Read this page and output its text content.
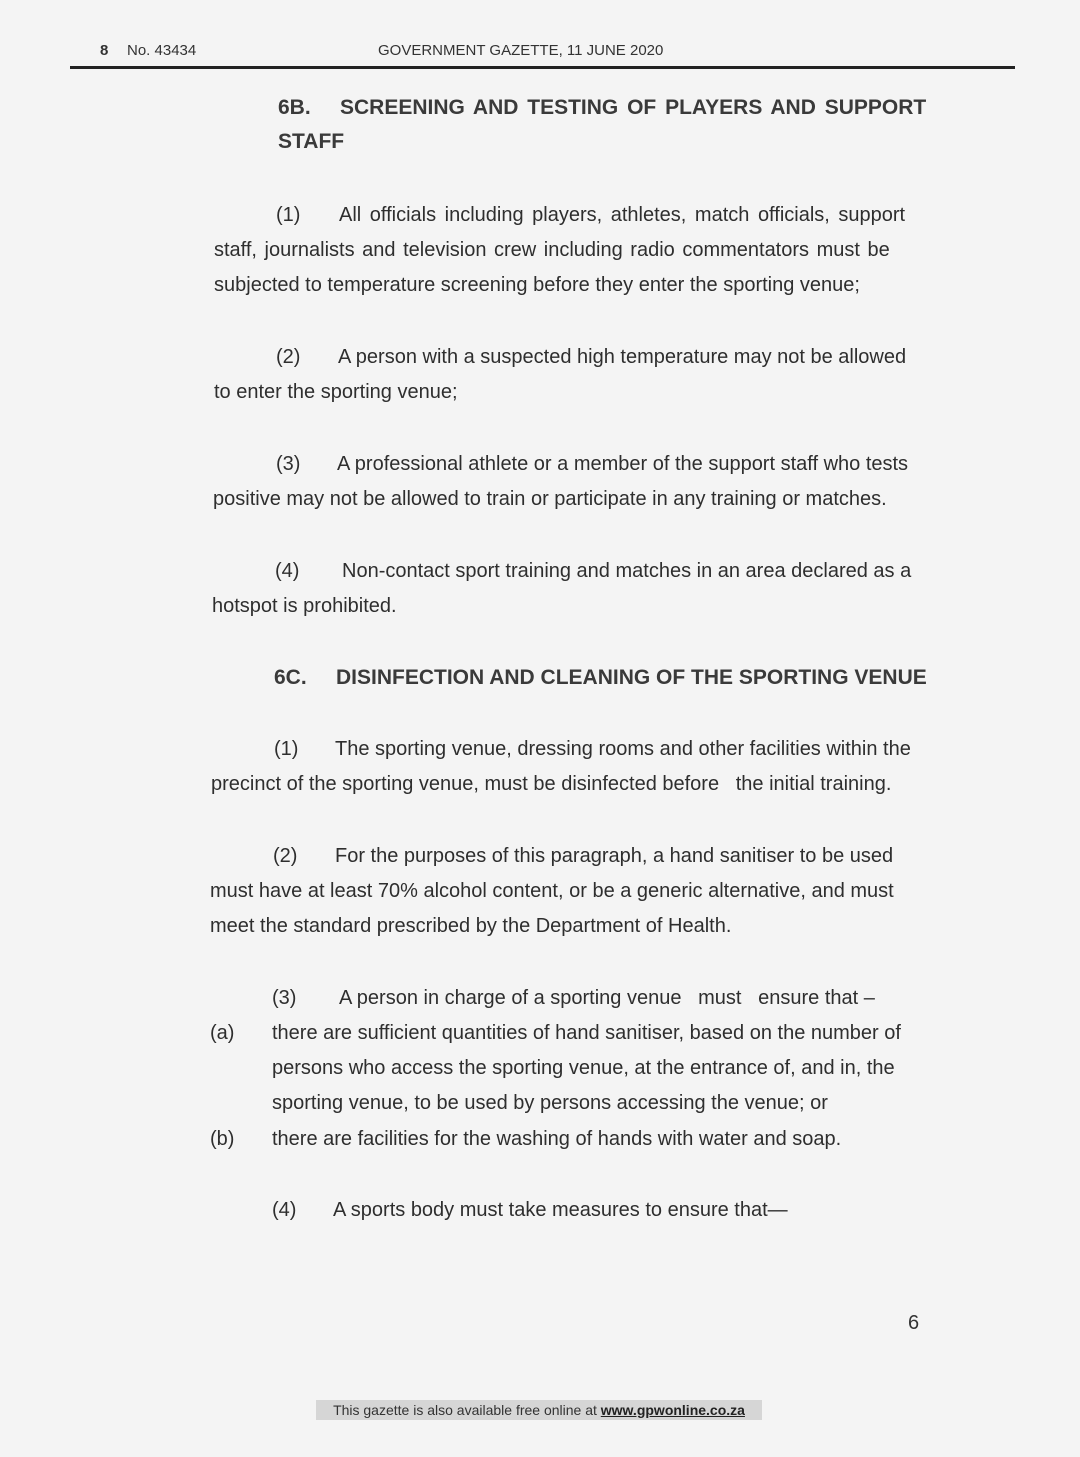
8 No. 43434	GOVERNMENT GAZETTE, 11 JUNE 2020
6B. SCREENING AND TESTING OF PLAYERS AND SUPPORT
STAFF
(1) All officials including players, athletes, match officials, support
staff, journalists and television crew including radio commentators must be
subjected to temperature screening before they enter the sporting venue;
(2) A person with a suspected high temperature may not be allowed
to enter the sporting venue;
(3) A professional athlete or a member of the support staff who tests
positive may not be allowed to train or participate in any training or matches.
(4) Non-contact sport training and matches in an area declared as a
hotspot is prohibited.
6C. DISINFECTION AND CLEANING OF THE SPORTING VENUE
(1) The sporting venue, dressing rooms and other facilities within the
precinct of the sporting venue, must be disinfected before   the initial training.
(2) For the purposes of this paragraph, a hand sanitiser to be used
must have at least 70% alcohol content, or be a generic alternative, and must
meet the standard prescribed by the Department of Health.
(3) A person in charge of a sporting venue   must   ensure that –
(a) there are sufficient quantities of hand sanitiser, based on the number of
persons who access the sporting venue, at the entrance of, and in, the
sporting venue, to be used by persons accessing the venue; or
(b) there are facilities for the washing of hands with water and soap.
(4) A sports body must take measures to ensure that—
6
This gazette is also available free online at www.gpwonline.co.za
